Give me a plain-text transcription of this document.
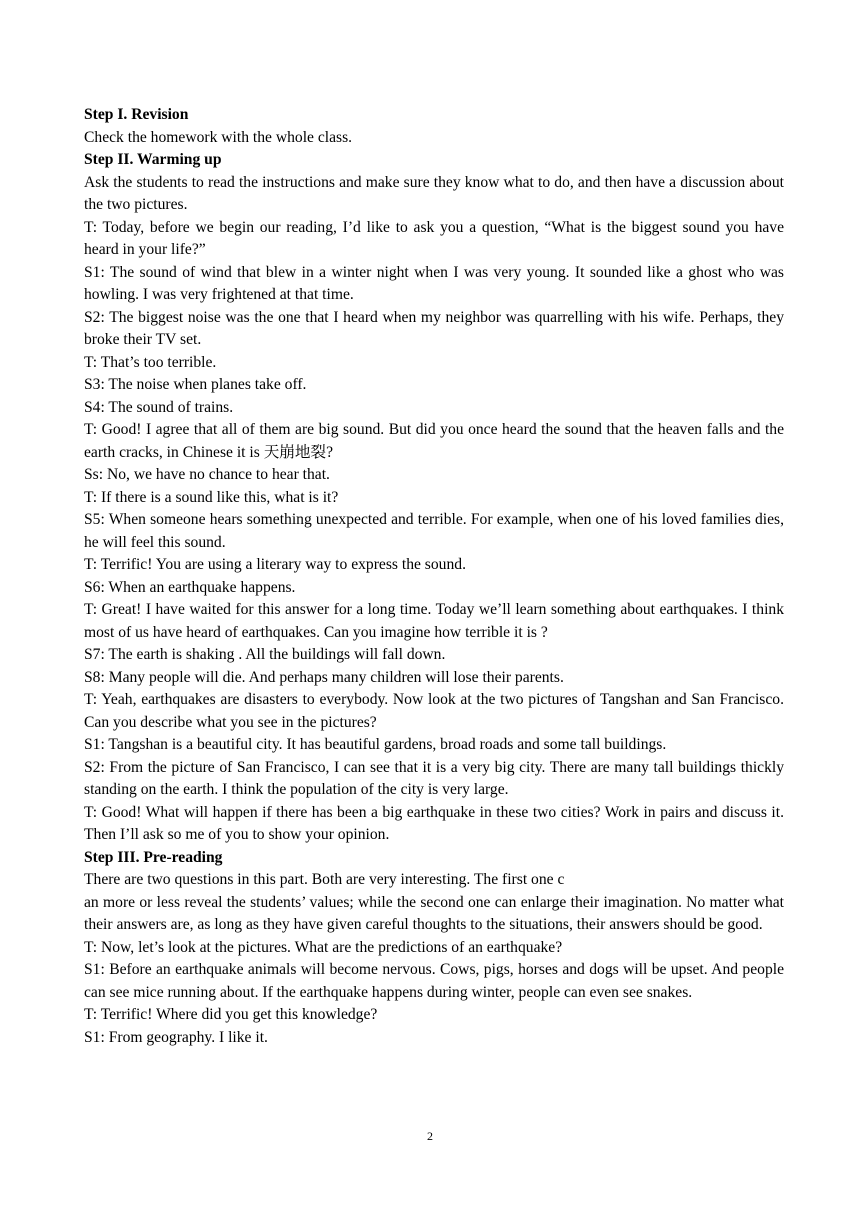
Step I. Revision

Check the homework with the whole class.

Step II. Warming up

Ask the students to read the instructions and make sure they know what to do, and then have a discussion about the two pictures.

T: Today, before we begin our reading, I’d like to ask you a question, “What is the biggest sound you have heard in your life?”

S1: The sound of wind that blew in a winter night when I was very young. It sounded like a ghost who was howling. I was very frightened at that time.

S2: The biggest noise was the one that I heard when my neighbor was quarrelling with his wife. Perhaps, they broke their TV set.

T: That’s too terrible.

S3: The noise when planes take off.

S4: The sound of trains.

T: Good! I agree that all of them are big sound. But did you once heard the sound that the heaven falls and the earth cracks, in Chinese it is 天崩地裂?

Ss: No, we have no chance to hear that.

T: If there is a sound like this, what is it?

S5: When someone hears something unexpected and terrible. For example, when one of his loved families dies, he will feel this sound.

T: Terrific! You are using a literary way to express the sound.

S6: When an earthquake happens.

T: Great! I have waited for this answer for a long time. Today we’ll learn something about earthquakes. I think most of us have heard of earthquakes. Can you imagine how terrible it is ?

S7: The earth is shaking . All the buildings will fall down.

S8: Many people will die. And perhaps many children will lose their parents.

T: Yeah, earthquakes are disasters to everybody. Now look at the two pictures of Tangshan and San Francisco. Can you describe what you see in the pictures?

S1: Tangshan is a beautiful city. It has beautiful gardens, broad roads and some tall buildings.

S2: From the picture of San Francisco, I can see that it is a very big city. There are many tall buildings thickly standing on the earth. I think the population of the city is very large.

T: Good! What will happen if there has been a big earthquake in these two cities? Work in pairs and discuss it. Then I’ll ask so me of you to show your opinion.

Step III. Pre-reading

There are two questions in this part. Both are very interesting. The first one c

an more or less reveal the students’ values; while the second one can enlarge their imagination. No matter what their answers are, as long as they have given careful thoughts to the situations, their answers should be good.

T: Now, let’s look at the pictures. What are the predictions of an earthquake?

S1: Before an earthquake animals will become nervous. Cows, pigs, horses and dogs will be upset. And people can see mice running about. If the earthquake happens during winter, people can even see snakes.

T: Terrific! Where did you get this knowledge?

S1: From geography. I like it.

2
